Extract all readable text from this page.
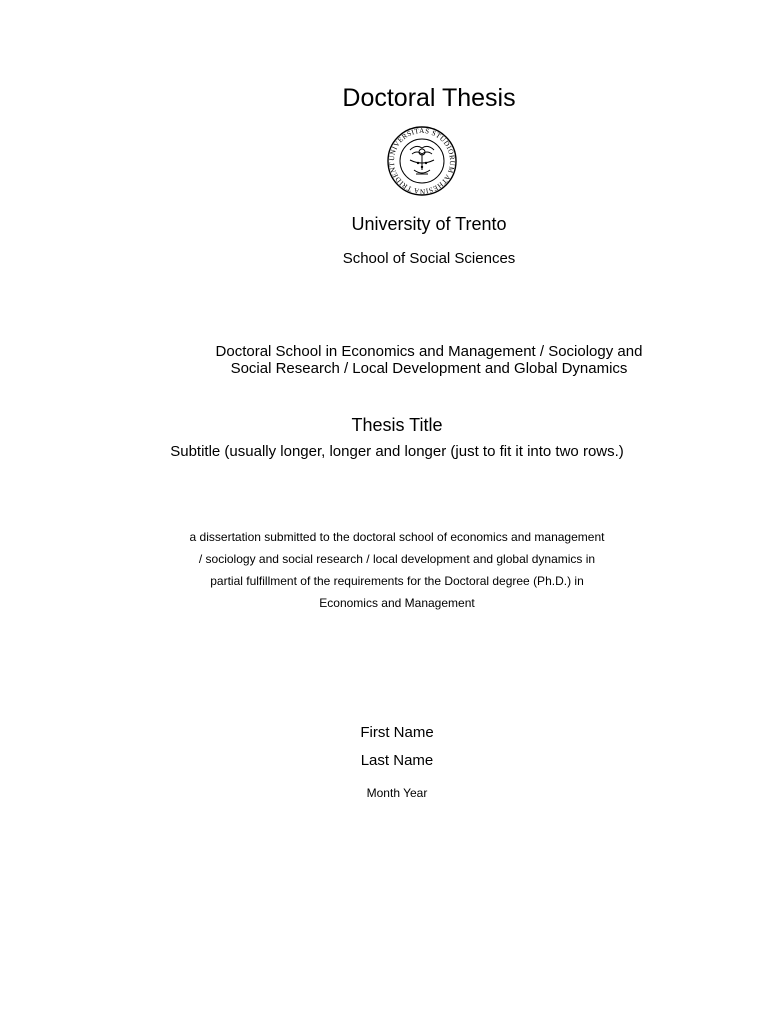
Doctoral Thesis

UNIVERSITAS STUDIORUM ATHESINA TRIDENT

University of Trento

School of Social Sciences

Doctoral School in Economics and Management / Sociology and
Social Research / Local Development and Global Dynamics

Thesis Title

Subtitle (usually longer, longer and longer (just to fit it into two rows.)

a dissertation submitted to the doctoral school of economics and management

/ sociology and social research / local development and global dynamics in

partial fulfillment of the requirements for the Doctoral degree (Ph.D.) in

Economics and Management

First Name

Last Name

Month Year
